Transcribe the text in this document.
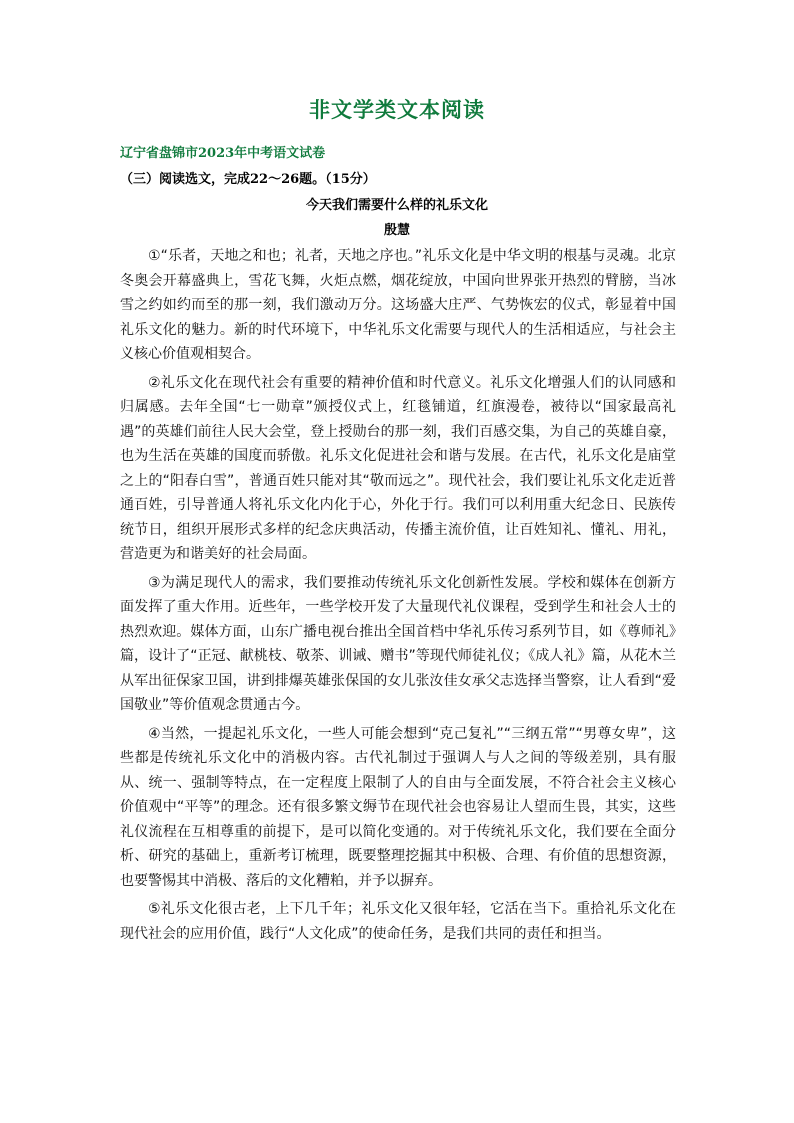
非文学类文本阅读
辽宁省盘锦市2023年中考语文试卷
（三）阅读选文，完成22～26题。（15分）
今天我们需要什么样的礼乐文化
殷慧

①“乐者，天地之和也；礼者，天地之序也。”礼乐文化是中华文明的根基与灵魂。北京冬奥会开幕盛典上，雪花飞舞，火炬点燃，烟花绽放，中国向世界张开热烈的臂膀，当冰雪之约如约而至的那一刻，我们激动万分。这场盛大庄严、气势恢宏的仪式，彰显着中国礼乐文化的魅力。新的时代环境下，中华礼乐文化需要与现代人的生活相适应，与社会主义核心价值观相契合。

②礼乐文化在现代社会有重要的精神价值和时代意义。礼乐文化增强人们的认同感和归属感。去年全国“七一勋章”颁授仪式上，红毯铺道，红旗漫卷，被待以“国家最高礼遇”的英雄们前往人民大会堂，登上授勋台的那一刻，我们百感交集，为自己的英雄自豪，也为生活在英雄的国度而骄傲。礼乐文化促进社会和谐与发展。在古代，礼乐文化是庙堂之上的“阳春白雪”，普通百姓只能对其“敬而远之”。现代社会，我们要让礼乐文化走近普通百姓，引导普通人将礼乐文化内化于心，外化于行。我们可以利用重大纪念日、民族传统节日，组织开展形式多样的纪念庆典活动，传播主流价值，让百姓知礼、懂礼、用礼，营造更为和谐美好的社会局面。

③为满足现代人的需求，我们要推动传统礼乐文化创新性发展。学校和媒体在创新方面发挥了重大作用。近些年，一些学校开发了大量现代礼仪课程，受到学生和社会人士的热烈欢迎。媒体方面，山东广播电视台推出全国首档中华礼乐传习系列节目，如《尊师礼》篇，设计了“正冠、献桃枝、敬茶、训诫、赠书”等现代师徒礼仪；《成人礼》篇，从花木兰从军出征保家卫国，讲到排爆英雄张保国的女儿张汝佳女承父志选择当警察，让人看到“爱国敬业”等价值观念贯通古今。

④当然，一提起礼乐文化，一些人可能会想到“克己复礼”“三纲五常”“男尊女卑”，这些都是传统礼乐文化中的消极内容。古代礼制过于强调人与人之间的等级差别，具有服从、统一、强制等特点，在一定程度上限制了人的自由与全面发展，不符合社会主义核心价值观中“平等”的理念。还有很多繁文缛节在现代社会也容易让人望而生畏，其实，这些礼仪流程在互相尊重的前提下，是可以简化变通的。对于传统礼乐文化，我们要在全面分析、研究的基础上，重新考订梳理，既要整理挖掘其中积极、合理、有价值的思想资源，也要警惕其中消极、落后的文化糟粕，并予以摒弃。

⑤礼乐文化很古老，上下几千年；礼乐文化又很年轻，它活在当下。重拾礼乐文化在现代社会的应用价值，践行“人文化成”的使命任务，是我们共同的责任和担当。
